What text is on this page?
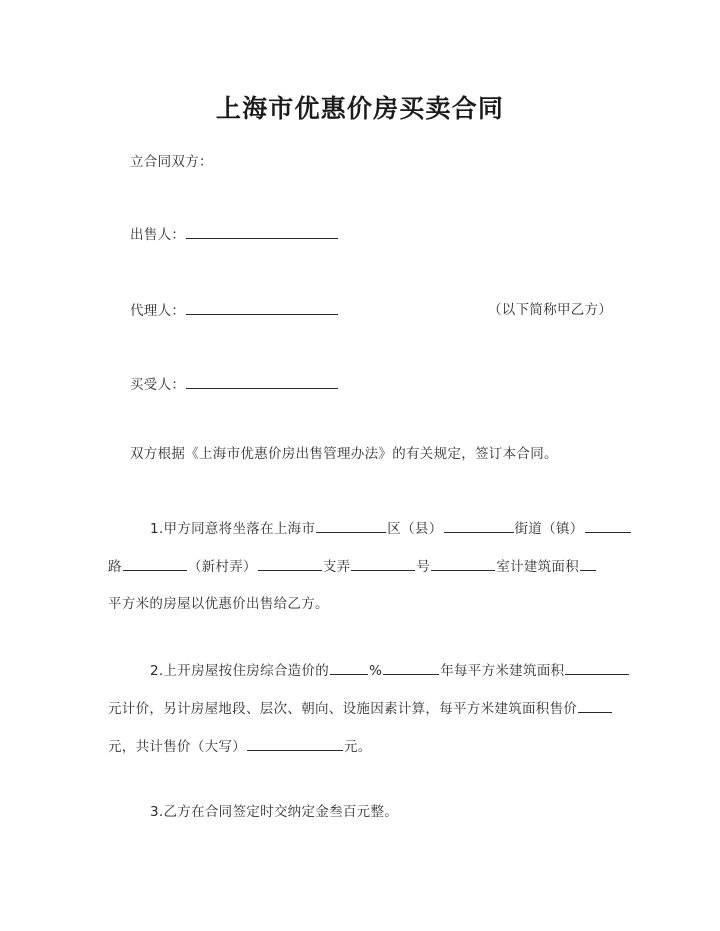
上海市优惠价房买卖合同
立合同双方：
出售人：
代理人：	（以下简称甲乙方）
买受人：
双方根据《上海市优惠价房出售管理办法》的有关规定，签订本合同。
1.甲方同意将坐落在上海市	区（县）	街道（镇）
路	（新村弄）	支弄	号	室计建筑面积
平方米的房屋以优惠价出售给乙方。
2.上开房屋按住房综合造价的	%	年每平方米建筑面积
元计价，另计房屋地段、层次、朝向、设施因素计算，每平方米建筑面积售价
元，共计售价（大写）	元。
3.乙方在合同签定时交纳定金叁百元整。
